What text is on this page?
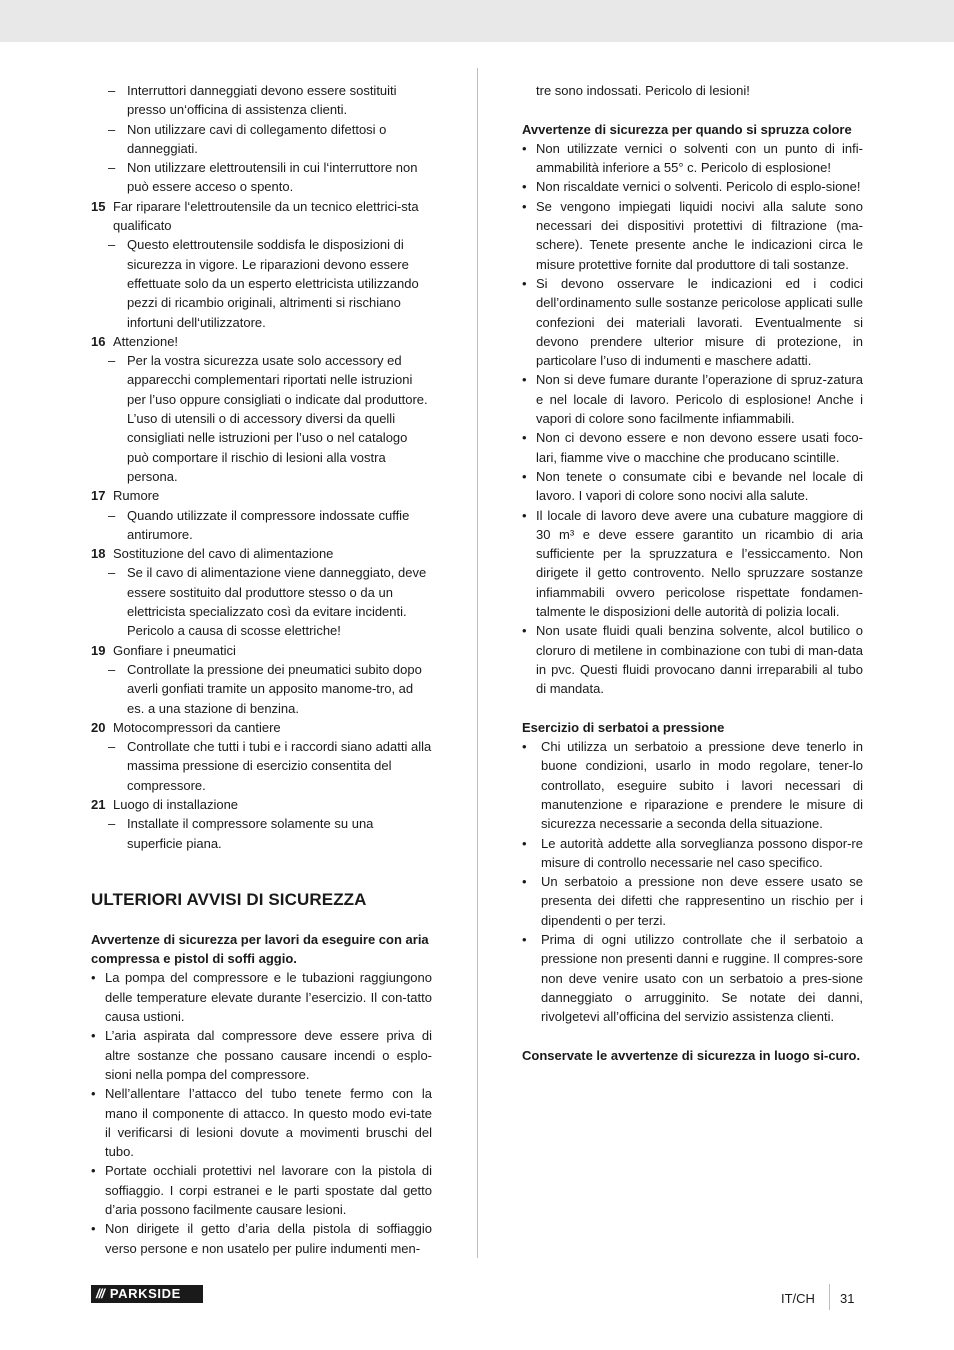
– Interruttori danneggiati devono essere sostituiti presso un‘officina di assistenza clienti.

– Non utilizzare cavi di collegamento difettosi o danneggiati.

– Non utilizzare elettroutensili in cui l‘interruttore non può essere acceso o spento.

15 Far riparare l‘elettroutensile da un tecnico elettrici-sta qualificato

– Questo elettroutensile soddisfa le disposizioni di sicurezza in vigore. Le riparazioni devono essere effettuate solo da un esperto elettricista utilizzando pezzi di ricambio originali, altrimenti si rischiano infortuni dell‘utilizzatore.

16 Attenzione!

– Per la vostra sicurezza usate solo accessory ed apparecchi complementari riportati nelle istruzioni per l’uso oppure consigliati o indicate dal produttore. L’uso di utensili o di accessory diversi da quelli consigliati nelle istruzioni per l’uso o nel catalogo può comportare il rischio di lesioni alla vostra persona.

17 Rumore

– Quando utilizzate il compressore indossate cuffie antirumore.

18 Sostituzione del cavo di alimentazione

– Se il cavo di alimentazione viene danneggiato, deve essere sostituito dal produttore stesso o da un elettricista specializzato così da evitare incidenti. Pericolo a causa di scosse elettriche!

19 Gonfiare i pneumatici

– Controllate la pressione dei pneumatici subito dopo averli gonfiati tramite un apposito manome-tro, ad es. a una stazione di benzina.

20 Motocompressori da cantiere

– Controllate che tutti i tubi e i raccordi siano adatti alla massima pressione di esercizio consentita del compressore.

21 Luogo di installazione

– Installate il compressore solamente su una superficie piana.

ULTERIORI AVVISI DI SICUREZZA

Avvertenze di sicurezza per lavori da eseguire con aria compressa e pistol di soffi aggio.

• La pompa del compressore e le tubazioni raggiungono delle temperature elevate durante l’esercizio. Il con-tatto causa ustioni.

• L’aria aspirata dal compressore deve essere priva di altre sostanze che possano causare incendi o esplo-sioni nella pompa del compressore.

• Nell’allentare l’attacco del tubo tenete fermo con la mano il componente di attacco. In questo modo evi-tate il verificarsi di lesioni dovute a movimenti bruschi del tubo.

• Portate occhiali protettivi nel lavorare con la pistola di soffiaggio. I corpi estranei e le parti spostate dal getto d’aria possono facilmente causare lesioni.

• Non dirigete il getto d’aria della pistola di soffiaggio verso persone e non usatelo per pulire indumenti men-

tre sono indossati. Pericolo di lesioni!

Avvertenze di sicurezza per quando si spruzza colore

• Non utilizzate vernici o solventi con un punto di infi-ammabilità inferiore a 55° c. Pericolo di esplosione!

• Non riscaldate vernici o solventi. Pericolo di esplo-sione!

• Se vengono impiegati liquidi nocivi alla salute sono necessari dei dispositivi protettivi di filtrazione (ma-schere). Tenete presente anche le indicazioni circa le misure protettive fornite dal produttore di tali sostanze.

• Si devono osservare le indicazioni ed i codici dell’ordinamento sulle sostanze pericolose applicati sulle confezioni dei materiali lavorati. Eventualmente si devono prendere ulterior misure di protezione, in particolare l’uso di indumenti e maschere adatti.

• Non si deve fumare durante l’operazione di spruz-zatura e nel locale di lavoro. Pericolo di esplosione! Anche i vapori di colore sono facilmente infiammabili.

• Non ci devono essere e non devono essere usati foco-lari, fiamme vive o macchine che producano scintille.

• Non tenete o consumate cibi e bevande nel locale di lavoro. I vapori di colore sono nocivi alla salute.

• Il locale di lavoro deve avere una cubature maggiore di 30 m³ e deve essere garantito un ricambio di aria sufficiente per la spruzzatura e l’essiccamento. Non dirigete il getto controvento. Nello spruzzare sostanze infiammabili ovvero pericolose rispettate fondamen-talmente le disposizioni delle autorità di polizia locali.

• Non usate fluidi quali benzina solvente, alcol butilico o cloruro di metilene in combinazione con tubi di man-data in pvc. Questi fluidi provocano danni irreparabili al tubo di mandata.

Esercizio di serbatoi a pressione

• Chi utilizza un serbatoio a pressione deve tenerlo in buone condizioni, usarlo in modo regolare, tener-lo controllato, eseguire subito i lavori necessari di manutenzione e riparazione e prendere le misure di sicurezza necessarie a seconda della situazione.

• Le autorità addette alla sorveglianza possono dispor-re misure di controllo necessarie nel caso specifico.

• Un serbatoio a pressione non deve essere usato se presenta dei difetti che rappresentino un rischio per i dipendenti o per terzi.

• Prima di ogni utilizzo controllate che il serbatoio a pressione non presenti danni e ruggine. Il compres-sore non deve venire usato con un serbatoio a pres-sione danneggiato o arrugginito. Se notate dei danni, rivolgetevi all’officina del servizio assistenza clienti.

Conservate le avvertenze di sicurezza in luogo si-curo.

/// PARKSIDE	IT/CH 31
